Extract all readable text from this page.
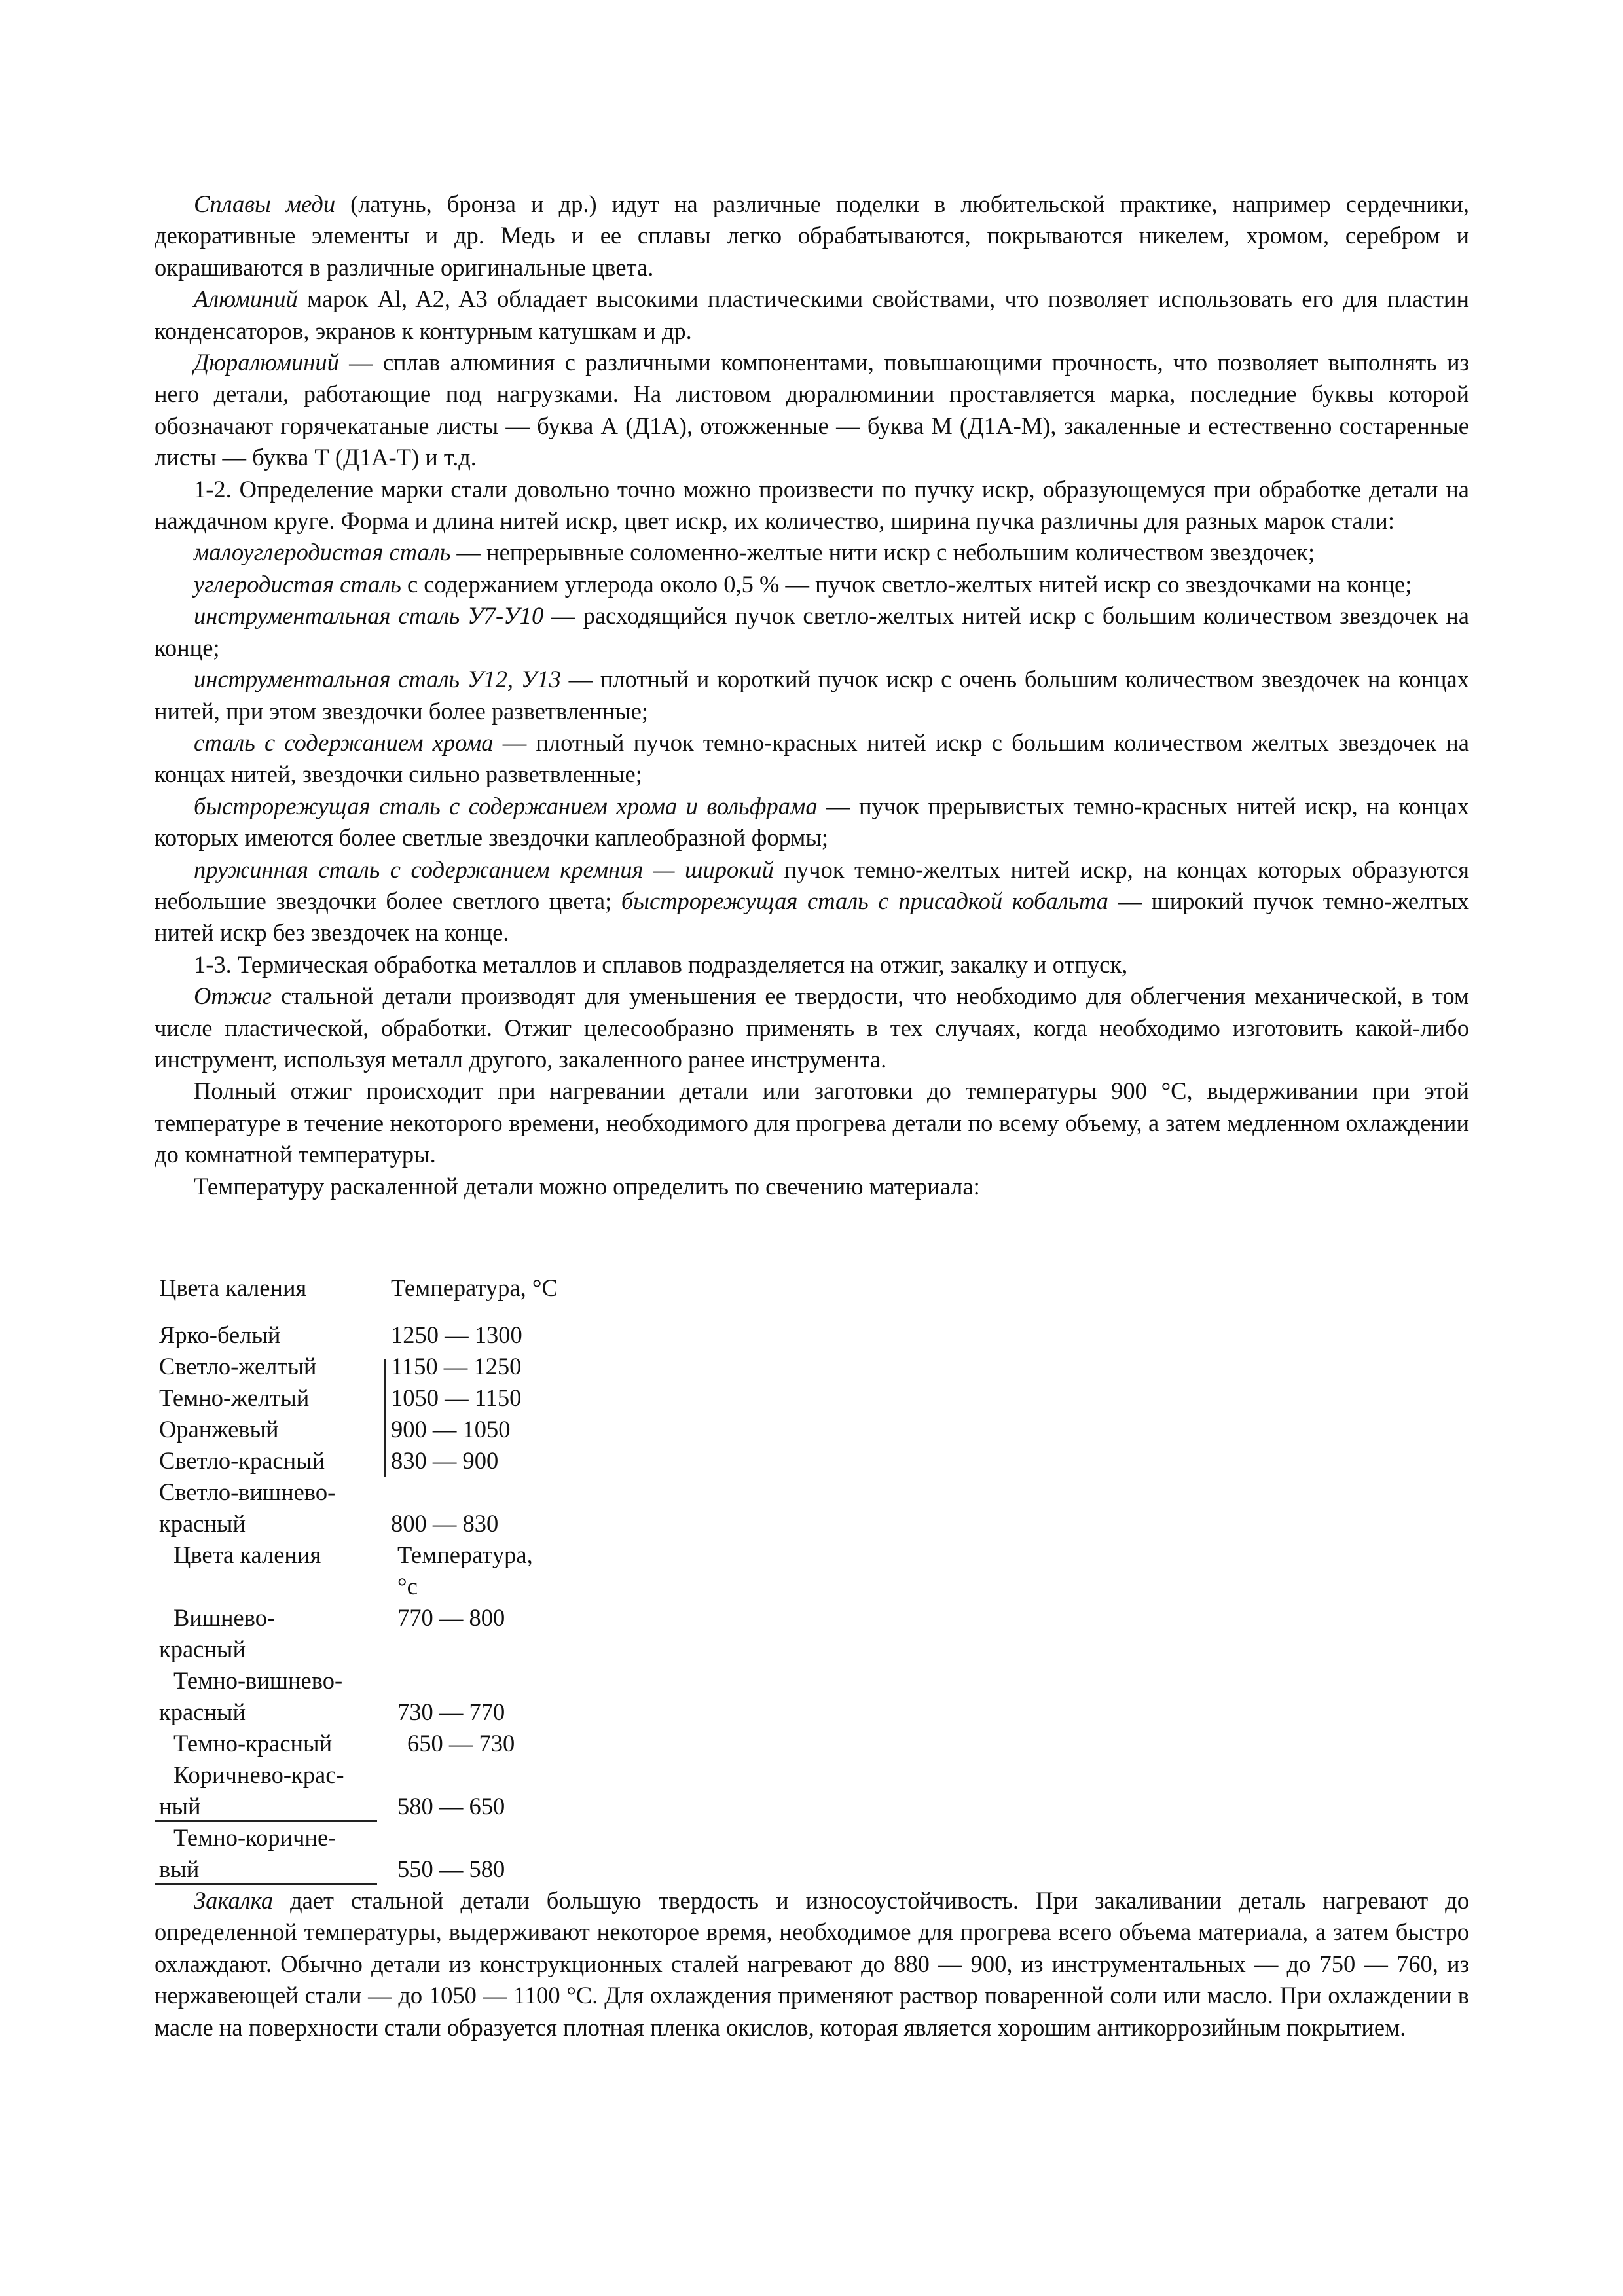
Сплавы меди (латунь, бронза и др.) идут на различные поделки в любительской практике, например сердечники, декоративные элементы и др. Медь и ее сплавы легко обрабатываются, покрываются никелем, хромом, серебром и окрашиваются в различные оригинальные цвета.

Алюминий марок Al, A2, A3 обладает высокими пластическими свойствами, что позволяет использовать его для пластин конденсаторов, экранов к контурным катушкам и др.

Дюралюминий — сплав алюминия с различными компонентами, повышающими прочность, что позволяет выполнять из него детали, работающие под нагрузками. На листовом дюралюминии проставляется марка, последние буквы которой обозначают горячекатаные листы — буква А (Д1А), отожженные — буква М (Д1А-М), закаленные и естественно состаренные листы — буква Т (Д1А-Т) и т.д.

1-2. Определение марки стали довольно точно можно произвести по пучку искр, образующемуся при обработке детали на наждачном круге. Форма и длина нитей искр, цвет искр, их количество, ширина пучка различны для разных марок стали:

малоуглеродистая сталь — непрерывные соломенно-желтые нити искр с небольшим количеством звездочек;

углеродистая сталь с содержанием углерода около 0,5 % — пучок светло-желтых нитей искр со звездочками на конце;

инструментальная сталь У7-У10 — расходящийся пучок светло-желтых нитей искр с большим количеством звездочек на конце;

инструментальная сталь У12, У13 — плотный и короткий пучок искр с очень большим количеством звездочек на концах нитей, при этом звездочки более разветвленные;

сталь с содержанием хрома — плотный пучок темно-красных нитей искр с большим количеством желтых звездочек на концах нитей, звездочки сильно разветвленные;

быстрорежущая сталь с содержанием хрома и вольфрама — пучок прерывистых темно-красных нитей искр, на концах которых имеются более светлые звездочки каплеобразной формы;

пружинная сталь с содержанием кремния — широкий пучок темно-желтых нитей искр, на концах которых образуются небольшие звездочки более светлого цвета; быстрорежущая сталь с присадкой кобальта — широкий пучок темно-желтых нитей искр без звездочек на конце.

1-3. Термическая обработка металлов и сплавов подразделяется на отжиг, закалку и отпуск,

Отжиг стальной детали производят для уменьшения ее твердости, что необходимо для облегчения механической, в том числе пластической, обработки. Отжиг целесообразно применять в тех случаях, когда необходимо изготовить какой-либо инструмент, используя металл другого, закаленного ранее инструмента.

Полный отжиг происходит при нагревании детали или заготовки до температуры 900 °С, выдерживании при этой температуре в течение некоторого времени, необходимого для прогрева детали по всему объему, а затем медленном охлаждении до комнатной температуры.

Температуру раскаленной детали можно определить по свечению материала:

Цвета каления	Температура, °С
Ярко-белый	1250 — 1300
Светло-желтый	1150 — 1250
Темно-желтый	1050 — 1150
Оранжевый	900 — 1050
Светло-красный	830 — 900
Светло-вишнево-
красный	800 — 830
Цвета каления	Температура,
°с
Вишнево-	770 — 800
красный
Темно-вишнево-
красный	730 — 770
Темно-красный	650 — 730
Коричнево-крас-
ный	580 — 650
Темно-коричне-
вый	550 — 580

Закалка дает стальной детали большую твердость и износоустойчивость. При закаливании деталь нагревают до определенной температуры, выдерживают некоторое время, необходимое для прогрева всего объема материала, а затем быстро охлаждают. Обычно детали из конструкционных сталей нагревают до 880 — 900, из инструментальных — до 750 — 760, из нержавеющей стали — до 1050 — 1100 °С. Для охлаждения применяют раствор поваренной соли или масло. При охлаждении в масле на поверхности стали образуется плотная пленка окислов, которая является хорошим антикоррозийным покрытием.
